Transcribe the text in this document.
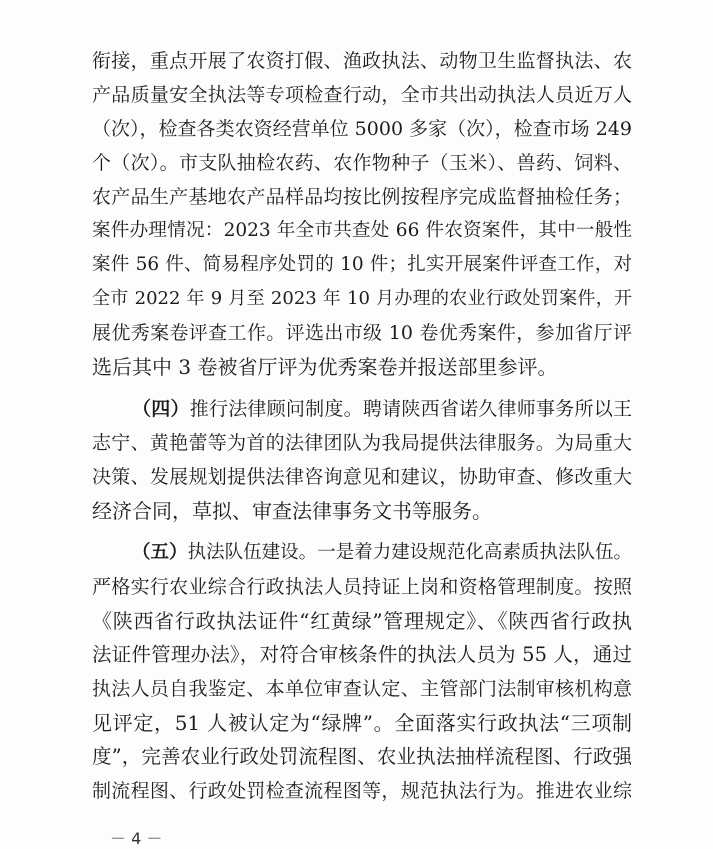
衔接，重点开展了农资打假、渔政执法、动物卫生监督执法、农
产品质量安全执法等专项检查行动，全市共出动执法人员近万人
（次），检查各类农资经营单位 5000 多家（次），检查市场 249
个（次）。市支队抽检农药、农作物种子（玉米）、兽药、饲料、
农产品生产基地农产品样品均按比例按程序完成监督抽检任务；
案件办理情况：2023 年全市共查处 66 件农资案件，其中一般性
案件 56 件、简易程序处罚的 10 件；扎实开展案件评查工作，对
全市 2022 年 9 月至 2023 年 10 月办理的农业行政处罚案件，开
展优秀案卷评查工作。评选出市级 10 卷优秀案件，参加省厅评
选后其中 3 卷被省厅评为优秀案卷并报送部里参评。
（四）推行法律顾问制度。聘请陕西省诺久律师事务所以王
志宁、黄艳蕾等为首的法律团队为我局提供法律服务。为局重大
决策、发展规划提供法律咨询意见和建议，协助审查、修改重大
经济合同，草拟、审查法律事务文书等服务。
（五）执法队伍建设。一是着力建设规范化高素质执法队伍。
严格实行农业综合行政执法人员持证上岗和资格管理制度。按照
《陕西省行政执法证件“红黄绿”管理规定》、《陕西省行政执
法证件管理办法》，对符合审核条件的执法人员为 55 人，通过
执法人员自我鉴定、本单位审查认定、主管部门法制审核机构意
见评定，51 人被认定为“绿牌”。全面落实行政执法“三项制
度”，完善农业行政处罚流程图、农业执法抽样流程图、行政强
制流程图、行政处罚检查流程图等，规范执法行为。推进农业综
－ 4 －
